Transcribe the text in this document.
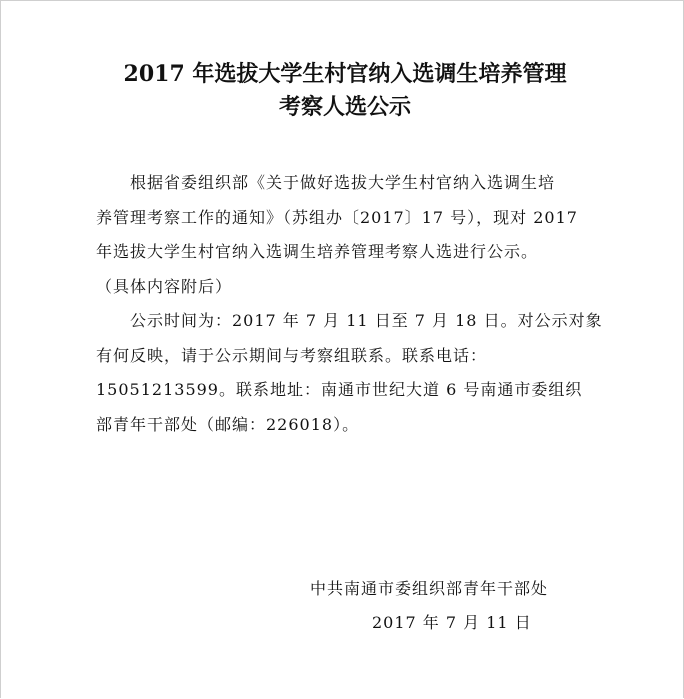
2017 年选拔大学生村官纳入选调生培养管理
考察人选公示
根据省委组织部《关于做好选拔大学生村官纳入选调生培
养管理考察工作的通知》（苏组办〔2017〕17 号），现对 2017
年选拔大学生村官纳入选调生培养管理考察人选进行公示。
（具体内容附后）
公示时间为：2017 年 7 月 11 日至 7 月 18 日。对公示对象
有何反映，请于公示期间与考察组联系。联系电话：
15051213599。联系地址：南通市世纪大道 6 号南通市委组织
部青年干部处（邮编：226018）。
中共南通市委组织部青年干部处
2017 年 7 月 11 日
